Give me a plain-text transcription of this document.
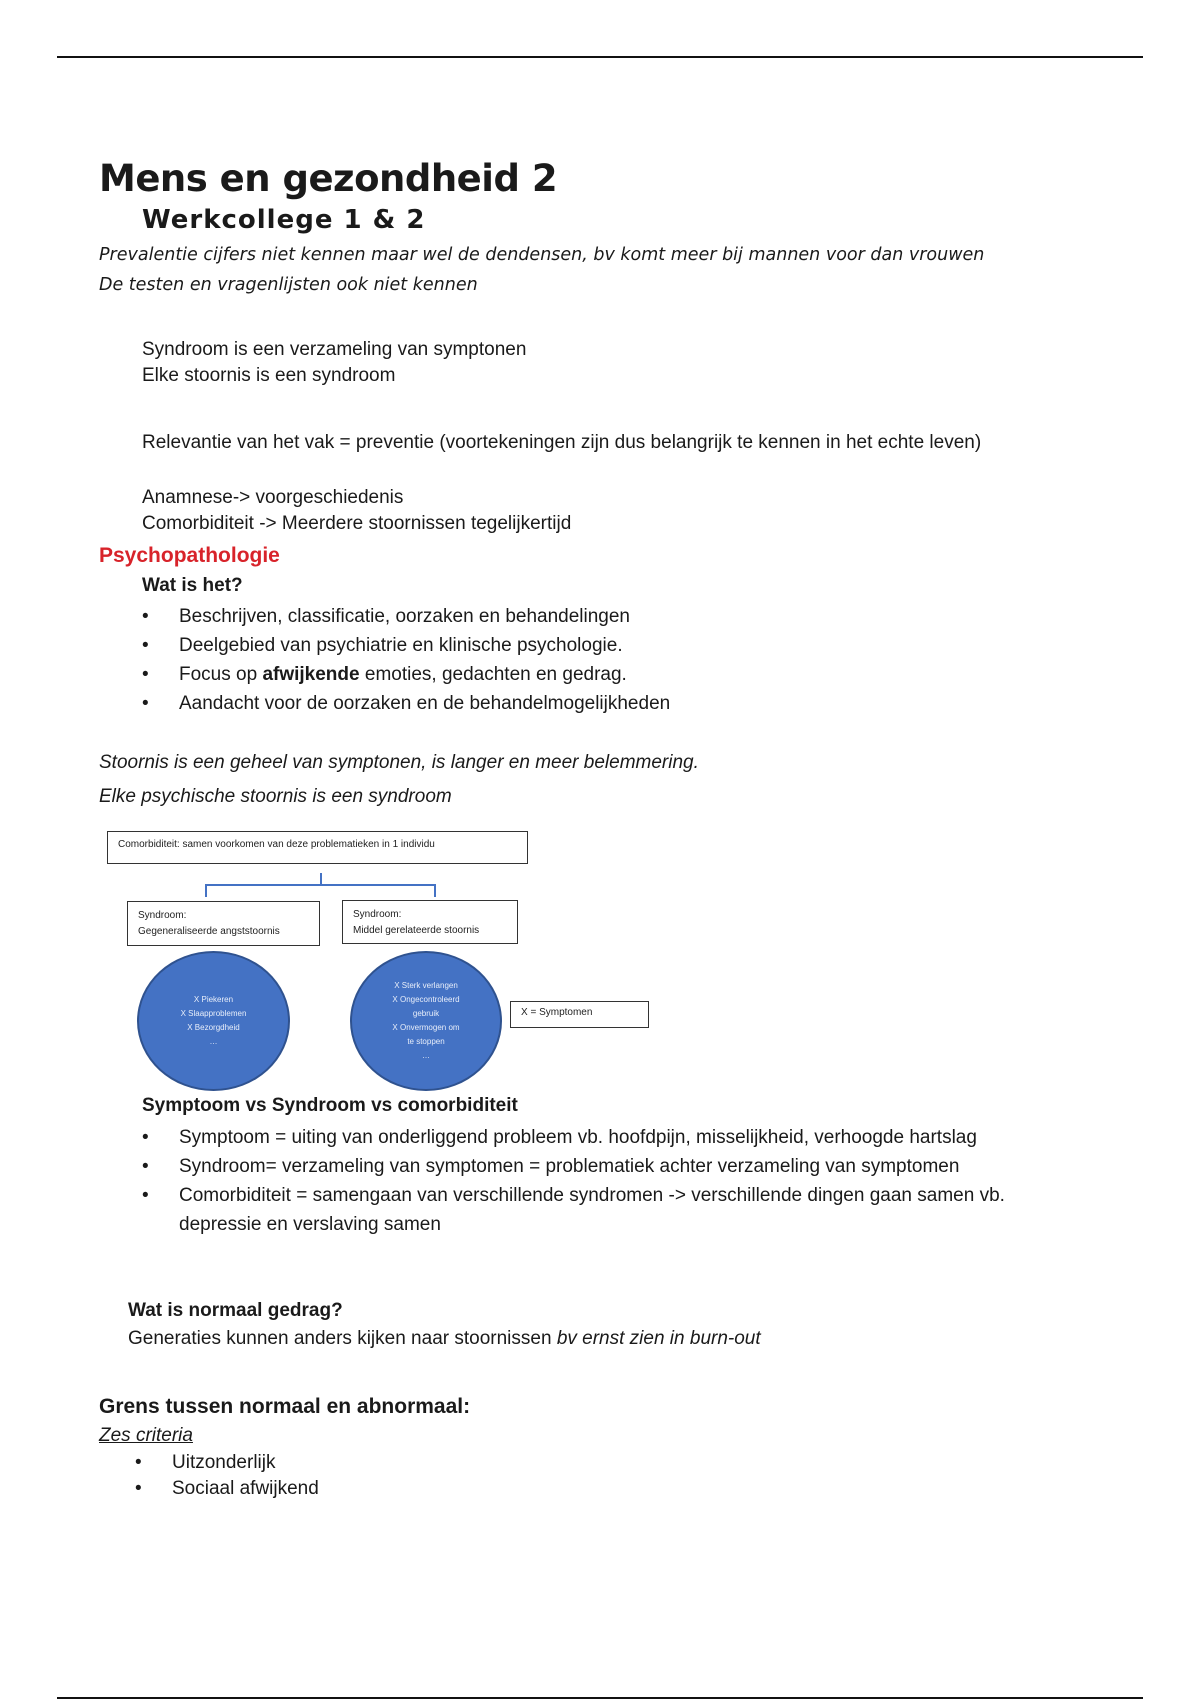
Mens en gezondheid 2
Werkcollege 1 & 2

Prevalentie cijfers niet kennen maar wel de dendensen, bv komt meer bij mannen voor dan vrouwen

De testen en vragenlijsten ook niet kennen

Syndroom is een verzameling van symptonen

Elke stoornis is een syndroom

Relevantie van het vak = preventie (voortekeningen zijn dus belangrijk te kennen in het echte leven)

Anamnese-> voorgeschiedenis

Comorbiditeit -> Meerdere stoornissen tegelijkertijd

Psychopathologie

Wat is het?

• Beschrijven, classificatie, oorzaken en behandelingen
• Deelgebied van psychiatrie en klinische psychologie.
• Focus op afwijkende emoties, gedachten en gedrag.
• Aandacht voor de oorzaken en de behandelmogelijkheden

Stoornis is een geheel van symptonen, is langer en meer belemmering.

Elke psychische stoornis is een syndroom

Comorbiditeit: samen voorkomen van deze problematieken in 1 individu
Syndroom:
Gegeneraliseerde angststoornis
Syndroom:
Middel gerelateerde stoornis
X Piekeren
X Slaapproblemen
X Bezorgdheid
…
X Sterk verlangen
X Ongecontroleerd
gebruik
X Onvermogen om
te stoppen
…
X = Symptomen

Symptoom vs Syndroom vs comorbiditeit

• Symptoom = uiting van onderliggend probleem vb. hoofdpijn, misselijkheid, verhoogde hartslag
• Syndroom= verzameling van symptomen = problematiek achter verzameling van symptomen
• Comorbiditeit = samengaan van verschillende syndromen -> verschillende dingen gaan samen vb. depressie en verslaving samen

Wat is normaal gedrag?

Generaties kunnen anders kijken naar stoornissen bv ernst zien in burn-out

Grens tussen normaal en abnormaal:

Zes criteria

• Uitzonderlijk
• Sociaal afwijkend
